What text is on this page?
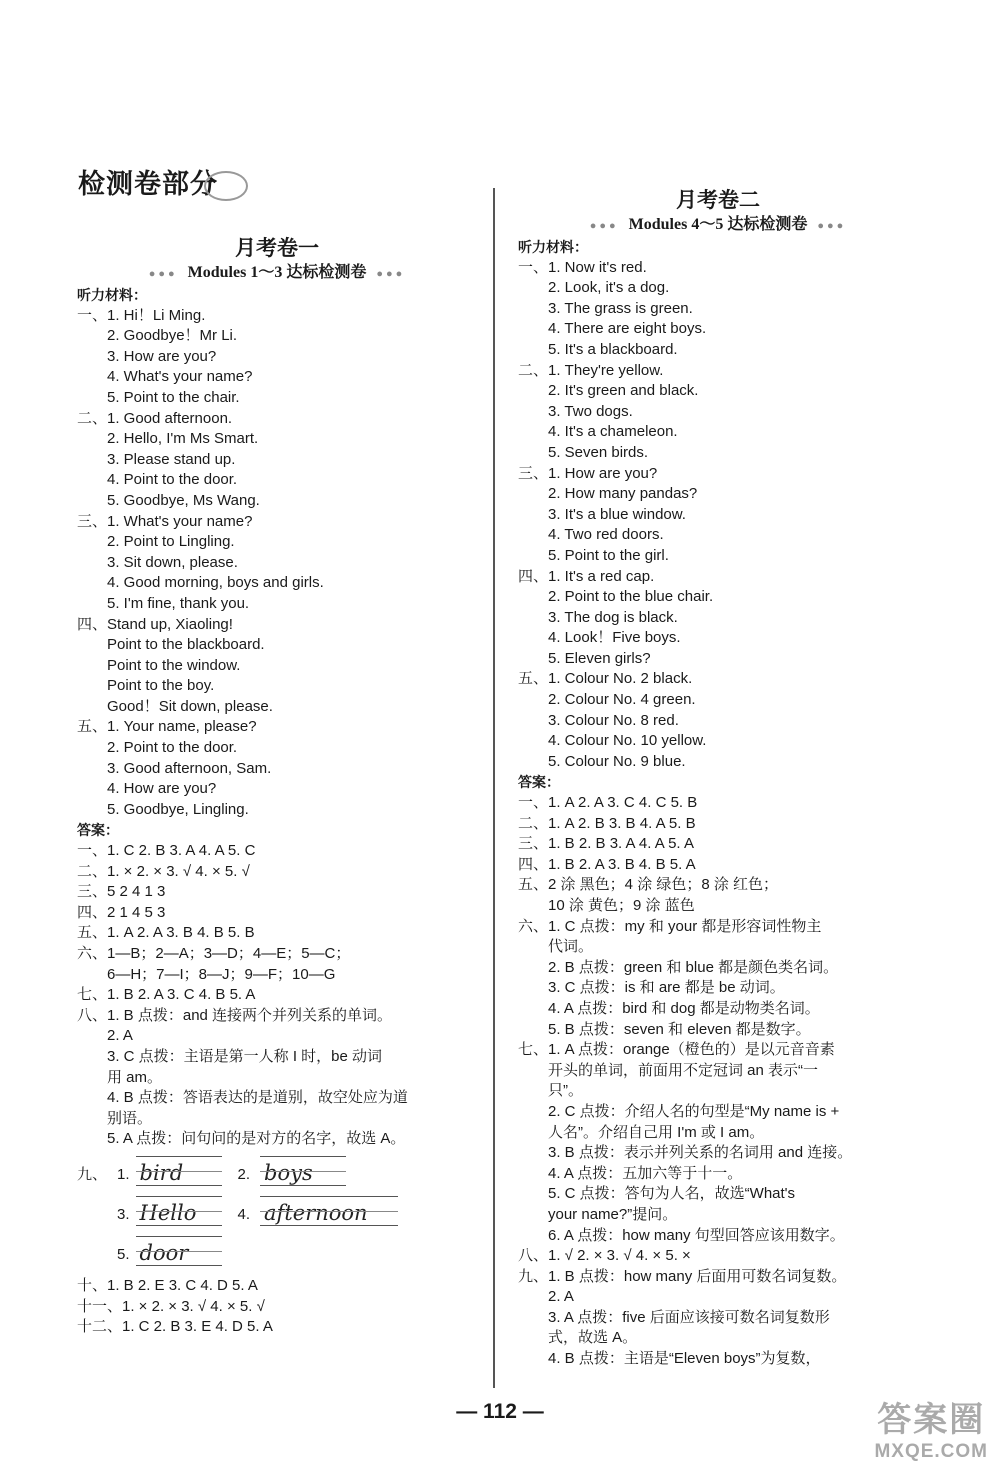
检测卷部分
月考卷一
●●● Modules 1～3 达标检测卷 ●●●
听力材料：
一、1. Hi！Li Ming.
2. Goodbye！Mr Li.
3. How are you?
4. What's your name?
5. Point to the chair.
二、1. Good afternoon.
2. Hello, I'm Ms Smart.
3. Please stand up.
4. Point to the door.
5. Goodbye, Ms Wang.
三、1. What's your name?
2. Point to Lingling.
3. Sit down, please.
4. Good morning, boys and girls.
5. I'm fine, thank you.
四、Stand up, Xiaoling!
Point to the blackboard.
Point to the window.
Point to the boy.
Good！Sit down, please.
五、1. Your name, please?
2. Point to the door.
3. Good afternoon, Sam.
4. How are you?
5. Goodbye, Lingling.
答案：
一、1. C 2. B 3. A 4. A 5. C
二、1. × 2. × 3. √ 4. × 5. √
三、5 2 4 1 3
四、2 1 4 5 3
五、1. A 2. A 3. B 4. B 5. B
六、1—B；2—A；3—D；4—E；5—C；
6—H；7—I；8—J；9—F；10—G
七、1. B 2. A 3. C 4. B 5. A
八、1. B 点拨：and 连接两个并列关系的单词。
2. A
3. C 点拨：主语是第一人称 I 时，be 动词
用 am。
4. B 点拨：答语表达的是道别，故空处应为道
别语。
5. A 点拨：问句问的是对方的名字，故选 A。
九、 1. bird	2. boys
3. Hello	4. afternoon
5. door
十、1. B 2. E 3. C 4. D 5. A
十一、1. × 2. × 3. √ 4. × 5. √
十二、1. C 2. B 3. E 4. D 5. A
月考卷二
●●● Modules 4～5 达标检测卷 ●●●
听力材料：
一、1. Now it's red.
2. Look, it's a dog.
3. The grass is green.
4. There are eight boys.
5. It's a blackboard.
二、1. They're yellow.
2. It's green and black.
3. Two dogs.
4. It's a chameleon.
5. Seven birds.
三、1. How are you?
2. How many pandas?
3. It's a blue window.
4. Two red doors.
5. Point to the girl.
四、1. It's a red cap.
2. Point to the blue chair.
3. The dog is black.
4. Look！Five boys.
5. Eleven girls?
五、1. Colour No. 2 black.
2. Colour No. 4 green.
3. Colour No. 8 red.
4. Colour No. 10 yellow.
5. Colour No. 9 blue.
答案：
一、1. A 2. A 3. C 4. C 5. B
二、1. A 2. B 3. B 4. A 5. B
三、1. B 2. B 3. A 4. A 5. A
四、1. B 2. A 3. B 4. B 5. A
五、2 涂 黑色；4 涂 绿色；8 涂 红色；
10 涂 黄色；9 涂 蓝色
六、1. C 点拨：my 和 your 都是形容词性物主
代词。
2. B 点拨：green 和 blue 都是颜色类名词。
3. C 点拨：is 和 are 都是 be 动词。
4. A 点拨：bird 和 dog 都是动物类名词。
5. B 点拨：seven 和 eleven 都是数字。
七、1. A 点拨：orange（橙色的）是以元音音素
开头的单词，前面用不定冠词 an 表示“一
只”。
2. C 点拨：介绍人名的句型是“My name is +
人名”。介绍自己用 I'm 或 I am。
3. B 点拨：表示并列关系的名词用 and 连接。
4. A 点拨：五加六等于十一。
5. C 点拨：答句为人名，故选“What's
your name?”提问。
6. A 点拨：how many 句型回答应该用数字。
八、1. √ 2. × 3. √ 4. × 5. ×
九、1. B 点拨：how many 后面用可数名词复数。
2. A
3. A 点拨：five 后面应该接可数名词复数形
式，故选 A。
4. B 点拨：主语是“Eleven boys”为复数，
— 112 —	答案圈
MXQE.COM
